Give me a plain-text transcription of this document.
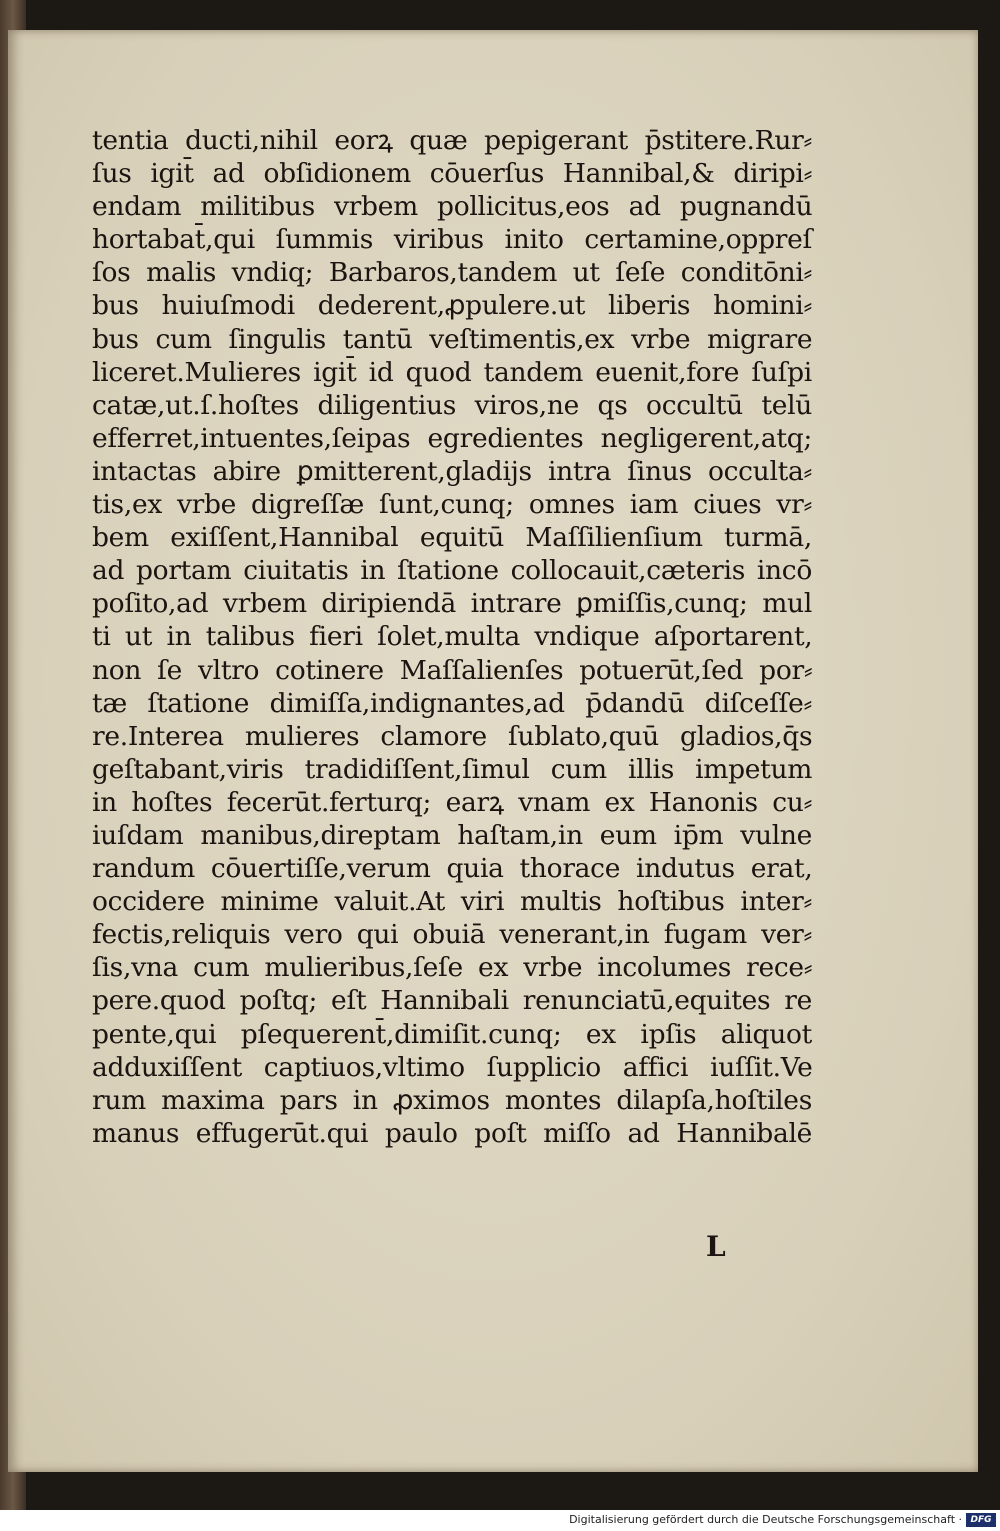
tentia ducti,nihil eorꝝ quæ pepigerant p̄stitere.Rur⸗
ſus igit̄ ad obſidionem cōuerſus Hannibal,& diripi⸗
endam militibus vrbem pollicitus,eos ad pugnandū
hortabat̄,qui ſummis viribus inito certamine,oppreſ
ſos malis vndiq; Barbaros,tandem ut ſeſe conditōni⸗
bus huiuſmodi dederent,ꝓpulere.ut liberis homini⸗
bus cum ſingulis tantū veſtimentis,ex vrbe migrare
liceret.Mulieres igit̄ id quod tandem euenit,fore ſuſpi
catæ,ut.ſ.hoſtes diligentius viros,ne qs occultū telū
efferret,intuentes,ſeipas egredientes negligerent,atq;
intactas abire ꝑmitterent,gladijs intra ſinus occulta⸗
tis,ex vrbe digreſſæ ſunt,cunq; omnes iam ciues vr⸗
bem exiſſent,Hannibal equitū Maſſilienſium turmā,
ad portam ciuitatis in ſtatione collocauit,cæteris incō
poſito,ad vrbem diripiendā intrare ꝑmiſſis,cunq; mul
ti ut in talibus fieri ſolet,multa vndique aſportarent,
non ſe vltro cotinere Maſſalienſes potuerūt,ſed por⸗
tæ ſtatione dimiſſa,indignantes,ad p̄dandū diſceſſe⸗
re.Interea mulieres clamore ſublato,quū gladios,q̄s
geſtabant,viris tradidiſſent,ſimul cum illis impetum
in hoſtes fecerūt.ferturq; earꝝ vnam ex Hanonis cu⸗
iuſdam manibus,direptam haſtam,in eum ip̄m vulne
randum cōuertiſſe,verum quia thorace indutus erat,
occidere minime valuit.At viri multis hoſtibus inter⸗
fectis,reliquis vero qui obuiā venerant,in fugam ver⸗
ſis,vna cum mulieribus,ſeſe ex vrbe incolumes rece⸗
pere.quod poſtq; eſt Hannibali renunciatū,equites re
pente,qui pſequerent̄,dimiſit.cunq; ex ipſis aliquot
adduxiſſent captiuos,vltimo ſupplicio affici iuſſit.Ve
rum maxima pars in ꝓximos montes dilapſa,hoſtiles
manus effugerūt.qui paulo poſt miſſo ad Hannibalē
L
Digitalisierung gefördert durch die Deutsche Forschungsgemeinschaft · DFG
